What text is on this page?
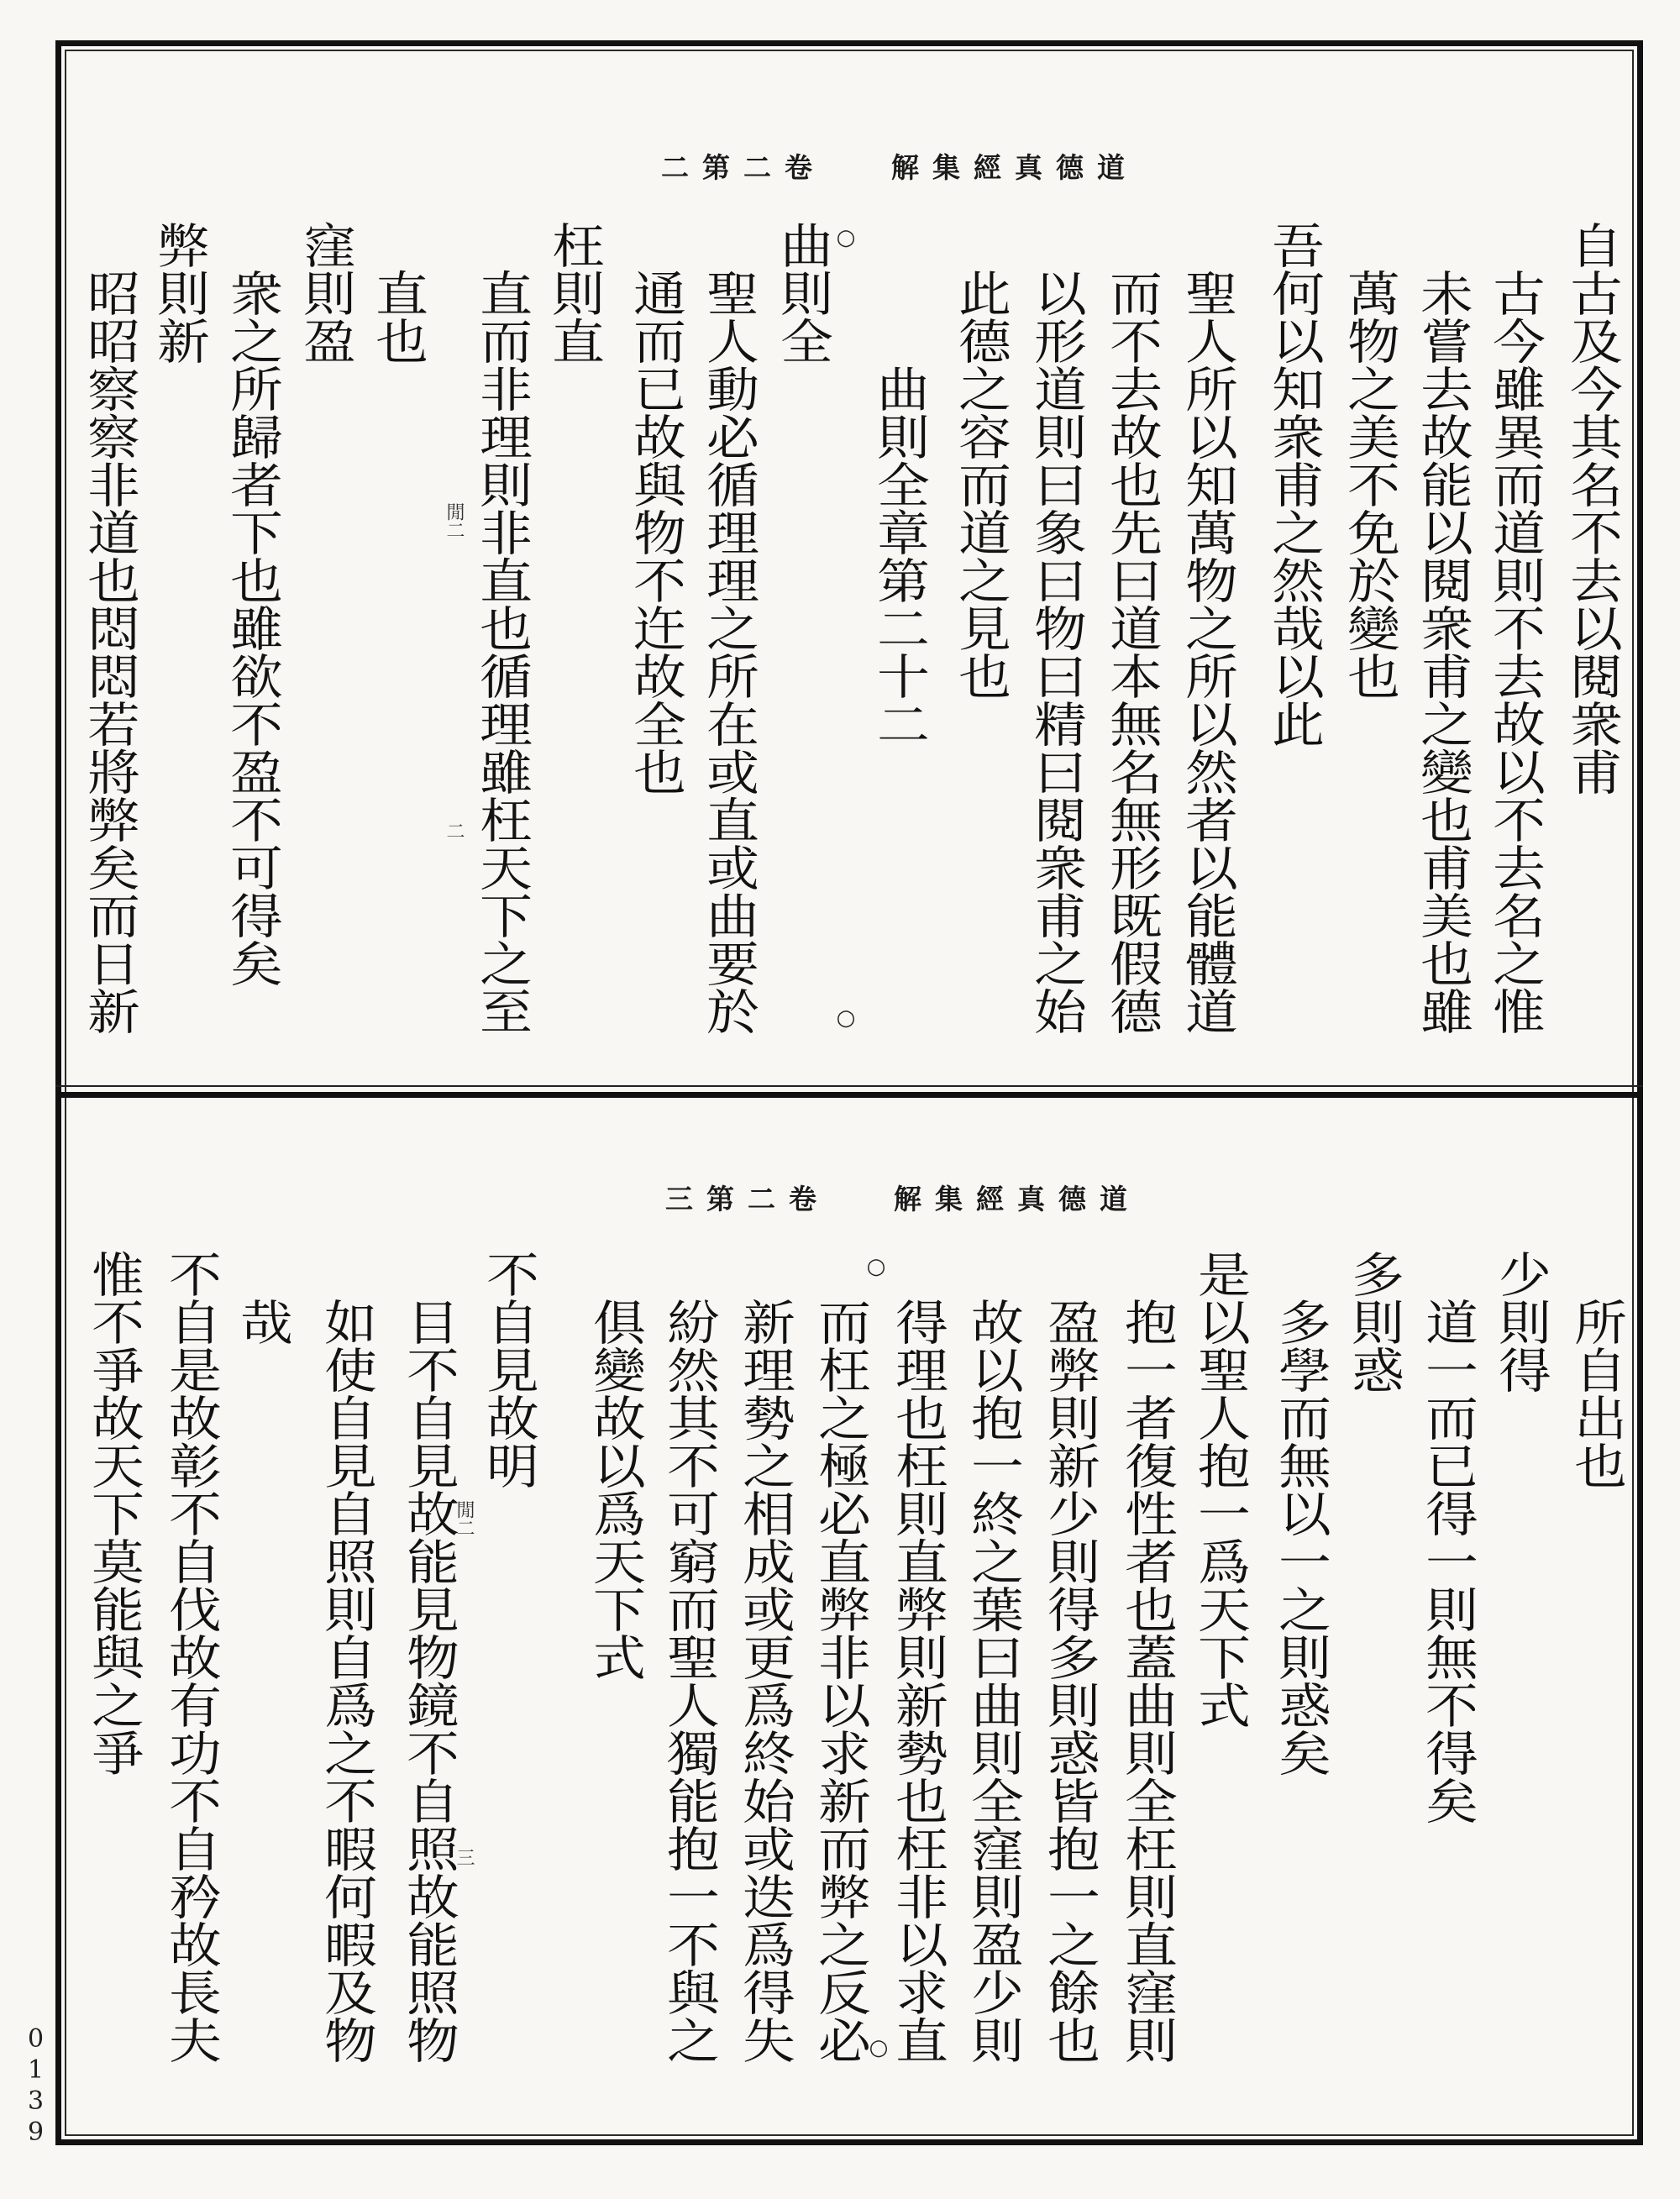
道德真經集解
卷二第二
自古及今其名不去以閱衆甫
古今雖異而道則不去故以不去名之惟
未嘗去故能以閱衆甫之變也甫美也雖
萬物之美不免於變也
吾何以知衆甫之然哉以此
聖人所以知萬物之所以然者以能體道
而不去故也先曰道本無名無形既假德
以形道則曰象曰物曰精曰閱衆甫之始
此德之容而道之見也
曲則全章第二十二
曲則全
聖人動必循理理之所在或直或曲要於
通而已故與物不迕故全也
枉則直
直而非理則非直也循理雖枉天下之至
直也
窪則盈
衆之所歸者下也雖欲不盈不可得矣
弊則新
昭昭察察非道也悶悶若將弊矣而日新	閒二
二
○
○
道德真經集解
卷二第三
所自出也
少則得
道一而已得一則無不得矣
多則惑
多學而無以一之則惑矣
是以聖人抱一爲天下式
抱一者復性者也蓋曲則全枉則直窪則
盈弊則新少則得多則惑皆抱一之餘也
故以抱一終之葉曰曲則全窪則盈少則
得理也枉則直弊則新勢也枉非以求直
而枉之極必直弊非以求新而弊之反必
新理勢之相成或更爲終始或迭爲得失
紛然其不可窮而聖人獨能抱一不與之
俱變故以爲天下式
不自見故明
目不自見故能見物鏡不自照故能照物
如使自見自照則自爲之不暇何暇及物
哉
不自是故彰不自伐故有功不自矜故長夫
惟不爭故天下莫能與之爭	閒二
三
○
○
0139
